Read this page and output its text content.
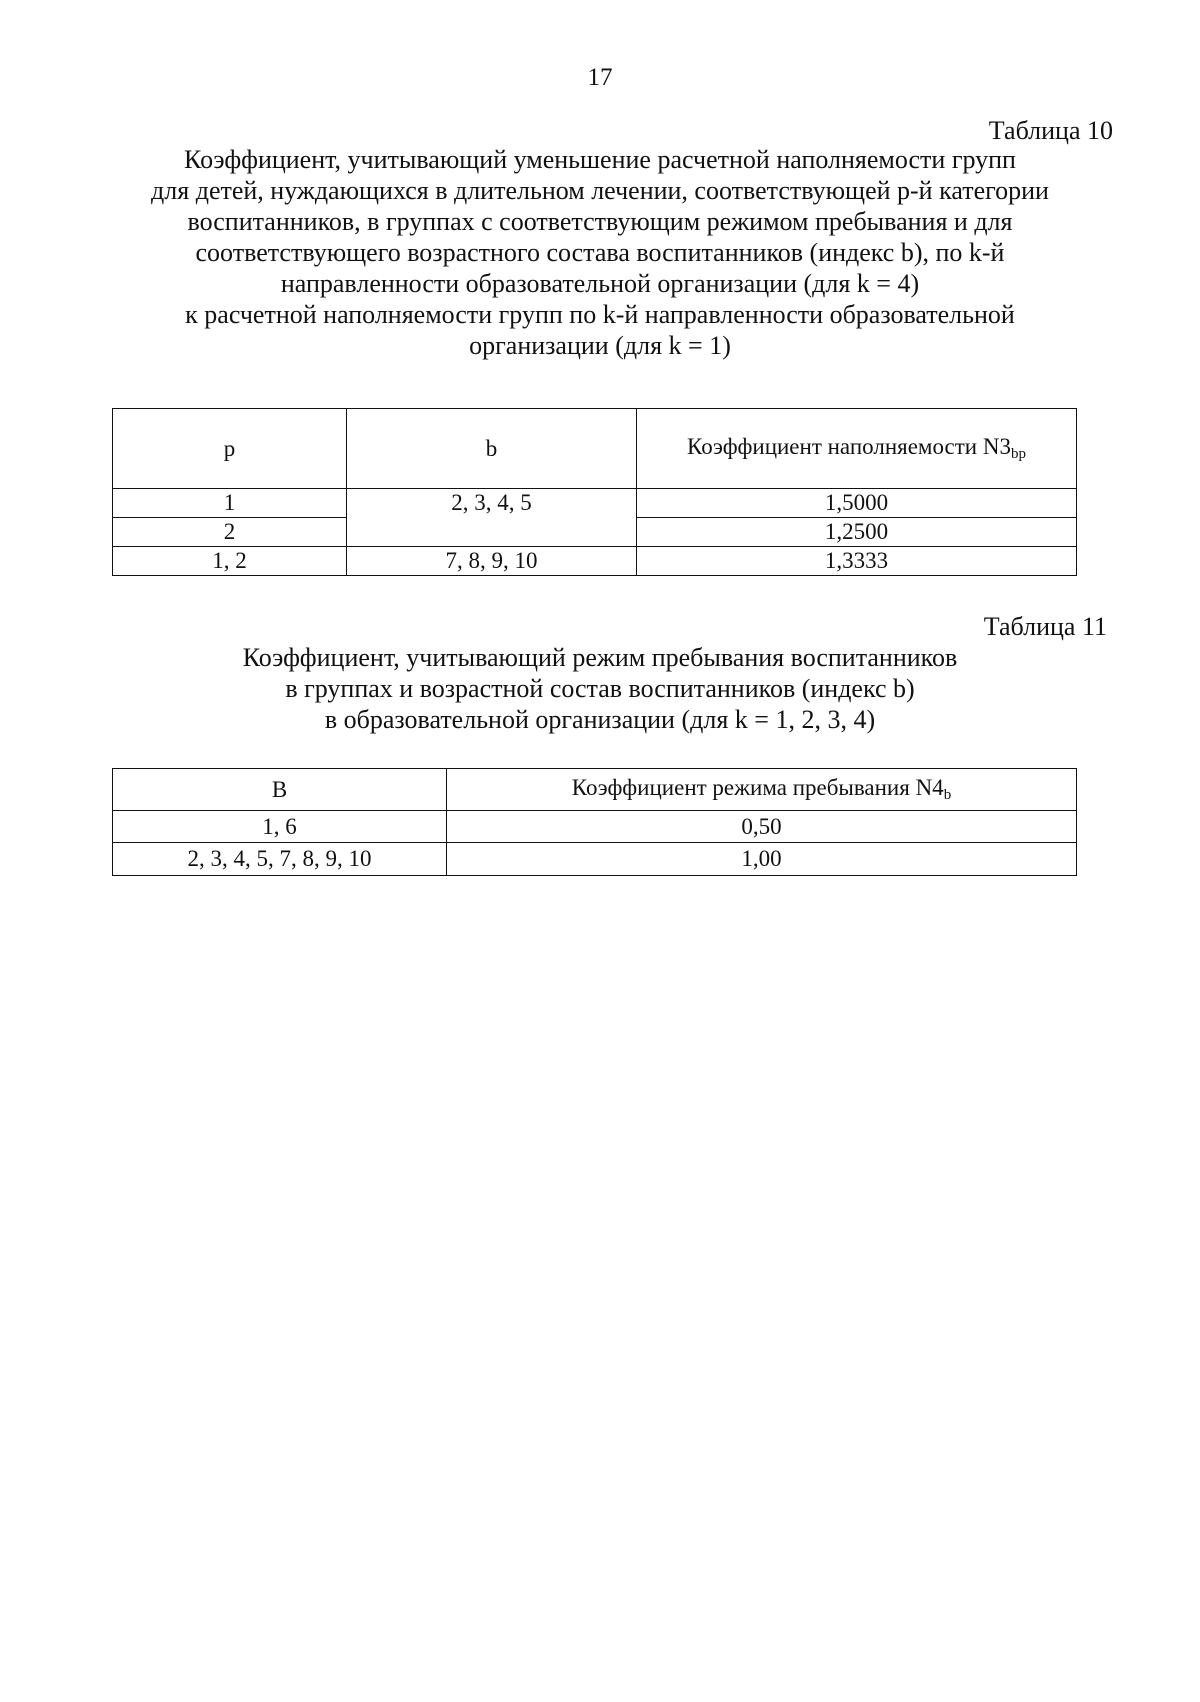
17
Таблица 10
Коэффициент, учитывающий уменьшение расчетной наполняемости групп
для детей, нуждающихся в длительном лечении, соответствующей p-й категории
воспитанников, в группах с соответствующим режимом пребывания и для
соответствующего возрастного состава воспитанников (индекс b), по k-й
направленности образовательной организации (для k = 4)
к расчетной наполняемости групп по k-й направленности образовательной
организации (для k = 1)
p	b	Коэффициент наполняемости $N3_{bp}$
1	2, 3, 4, 5	1,5000
2		1,2500
1, 2	7, 8, 9, 10	1,3333
Таблица 11
Коэффициент, учитывающий режим пребывания воспитанников
в группах и возрастной состав воспитанников (индекс b)
в образовательной организации (для k = 1, 2, 3, 4)
B	Коэффициент режима пребывания $N4_b$
1, 6	0,50
2, 3, 4, 5, 7, 8, 9, 10	1,00
